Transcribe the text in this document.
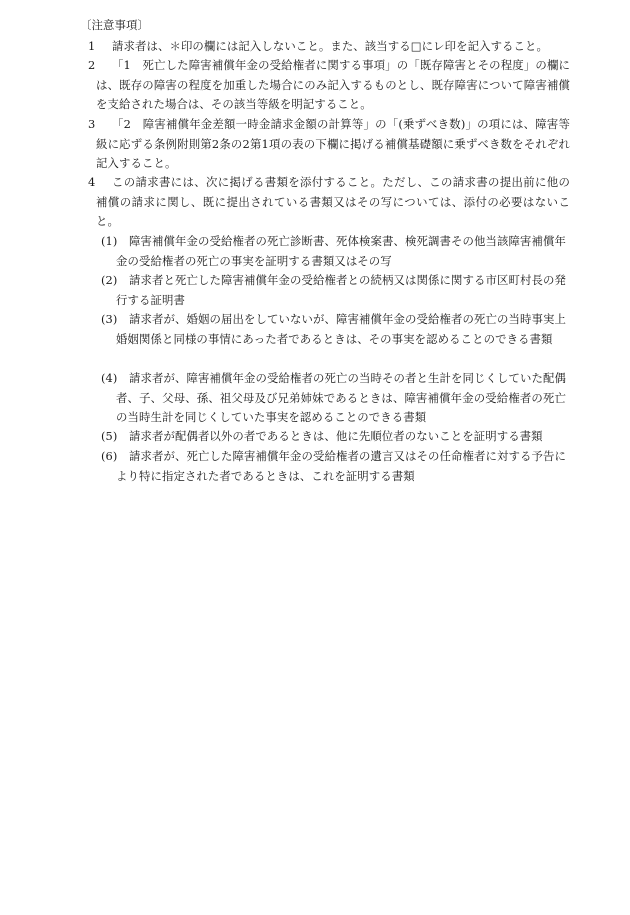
〔注意事項〕
1	請求者は、＊印の欄には記入しないこと。また、該当する□にレ印を記入すること。
2	「1　死亡した障害補償年金の受給権者に関する事項」の「既存障害とその程度」の欄には、既存の障害の程度を加重した場合にのみ記入するものとし、既存障害について障害補償を支給された場合は、その該当等級を明記すること。
3	「2　障害補償年金差額一時金請求金額の計算等」の「(乗ずべき数)」の項には、障害等級に応ずる条例附則第2条の2第1項の表の下欄に掲げる補償基礎額に乗ずべき数をそれぞれ記入すること。
4	この請求書には、次に掲げる書類を添付すること。ただし、この請求書の提出前に他の補償の請求に関し、既に提出されている書類又はその写については、添付の必要はないこと。
(1)	障害補償年金の受給権者の死亡診断書、死体検案書、検死調書その他当該障害補償年金の受給権者の死亡の事実を証明する書類又はその写
(2)	請求者と死亡した障害補償年金の受給権者との続柄又は関係に関する市区町村長の発行する証明書
(3)	請求者が、婚姻の届出をしていないが、障害補償年金の受給権者の死亡の当時事実上婚姻関係と同様の事情にあった者であるときは、その事実を認めることのできる書類
(4)	請求者が、障害補償年金の受給権者の死亡の当時その者と生計を同じくしていた配偶者、子、父母、孫、祖父母及び兄弟姉妹であるときは、障害補償年金の受給権者の死亡の当時生計を同じくしていた事実を認めることのできる書類
(5)	請求者が配偶者以外の者であるときは、他に先順位者のないことを証明する書類
(6)	請求者が、死亡した障害補償年金の受給権者の遺言又はその任命権者に対する予告により特に指定された者であるときは、これを証明する書類
